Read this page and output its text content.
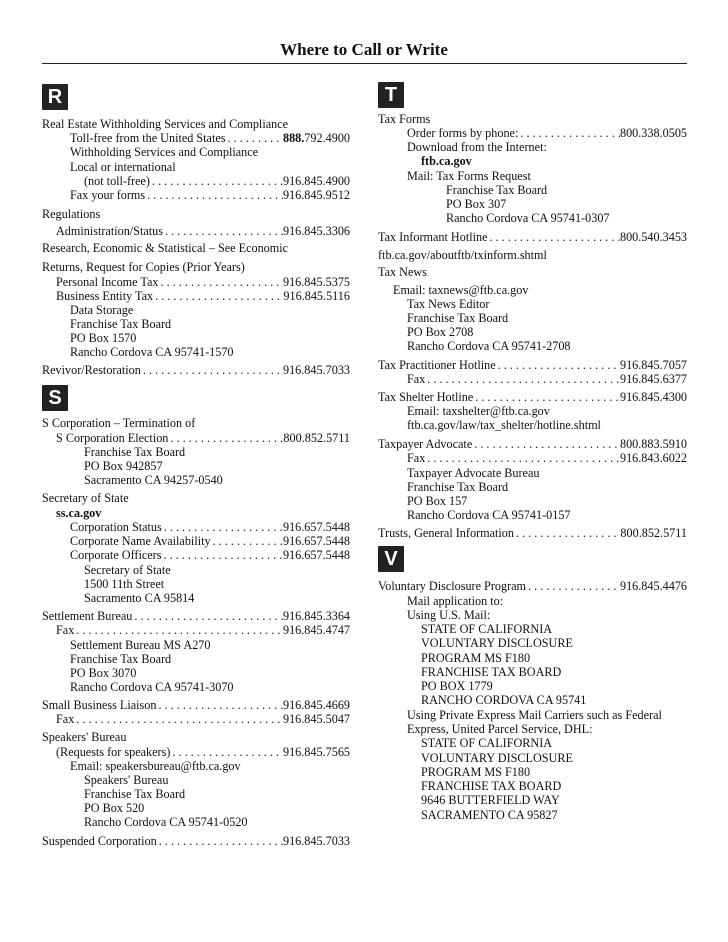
Where to Call or Write
R
Real Estate Withholding Services and Compliance
Toll-free from the United States . . .	888.792.4900
Withholding Services and Compliance
Local or international
(not toll-free) . . .	916.845.4900
Fax your forms . . .	916.845.9512
Regulations
Administration/Status . . .	916.845.3306
Research, Economic & Statistical – See Economic
Returns, Request for Copies (Prior Years)
Personal Income Tax . . .	916.845.5375
Business Entity Tax . . .	916.845.5116
Data Storage
Franchise Tax Board
PO Box 1570
Rancho Cordova CA 95741-1570
Revivor/Restoration . . .	916.845.7033
S
S Corporation – Termination of
S Corporation Election . . .	800.852.5711
Franchise Tax Board
PO Box 942857
Sacramento CA 94257-0540
Secretary of State
ss.ca.gov
Corporation Status . . .	916.657.5448
Corporate Name Availability . . .	916.657.5448
Corporate Officers . . .	916.657.5448
Secretary of State
1500 11th Street
Sacramento CA 95814
Settlement Bureau . . .	916.845.3364
Fax . . .	916.845.4747
Settlement Bureau MS A270
Franchise Tax Board
PO Box 3070
Rancho Cordova CA 95741-3070
Small Business Liaison . . .	916.845.4669
Fax . . .	916.845.5047
Speakers' Bureau
(Requests for speakers) . . .	916.845.7565
Email: speakersbureau@ftb.ca.gov
Speakers' Bureau
Franchise Tax Board
PO Box 520
Rancho Cordova CA 95741-0520
Suspended Corporation . . .	916.845.7033
T
Tax Forms
Order forms by phone: . . .	800.338.0505
Download from the Internet:
ftb.ca.gov
Mail: Tax Forms Request
Franchise Tax Board
PO Box 307
Rancho Cordova CA 95741-0307
Tax Informant Hotline . . .	800.540.3453
ftb.ca.gov/aboutftb/txinform.shtml
Tax News
Email: taxnews@ftb.ca.gov
Tax News Editor
Franchise Tax Board
PO Box 2708
Rancho Cordova CA 95741-2708
Tax Practitioner Hotline . . .	916.845.7057
Fax . . .	916.845.6377
Tax Shelter Hotline . . .	916.845.4300
Email: taxshelter@ftb.ca.gov
ftb.ca.gov/law/tax_shelter/hotline.shtml
Taxpayer Advocate . . .	800.883.5910
Fax . . .	916.843.6022
Taxpayer Advocate Bureau
Franchise Tax Board
PO Box 157
Rancho Cordova CA 95741-0157
Trusts, General Information . . .	800.852.5711
V
Voluntary Disclosure Program . . .	916.845.4476
Mail application to:
Using U.S. Mail:
STATE OF CALIFORNIA
VOLUNTARY DISCLOSURE
PROGRAM MS F180
FRANCHISE TAX BOARD
PO BOX 1779
RANCHO CORDOVA CA 95741
Using Private Express Mail Carriers such as Federal
Express, United Parcel Service, DHL:
STATE OF CALIFORNIA
VOLUNTARY DISCLOSURE
PROGRAM MS F180
FRANCHISE TAX BOARD
9646 BUTTERFIELD WAY
SACRAMENTO CA 95827
